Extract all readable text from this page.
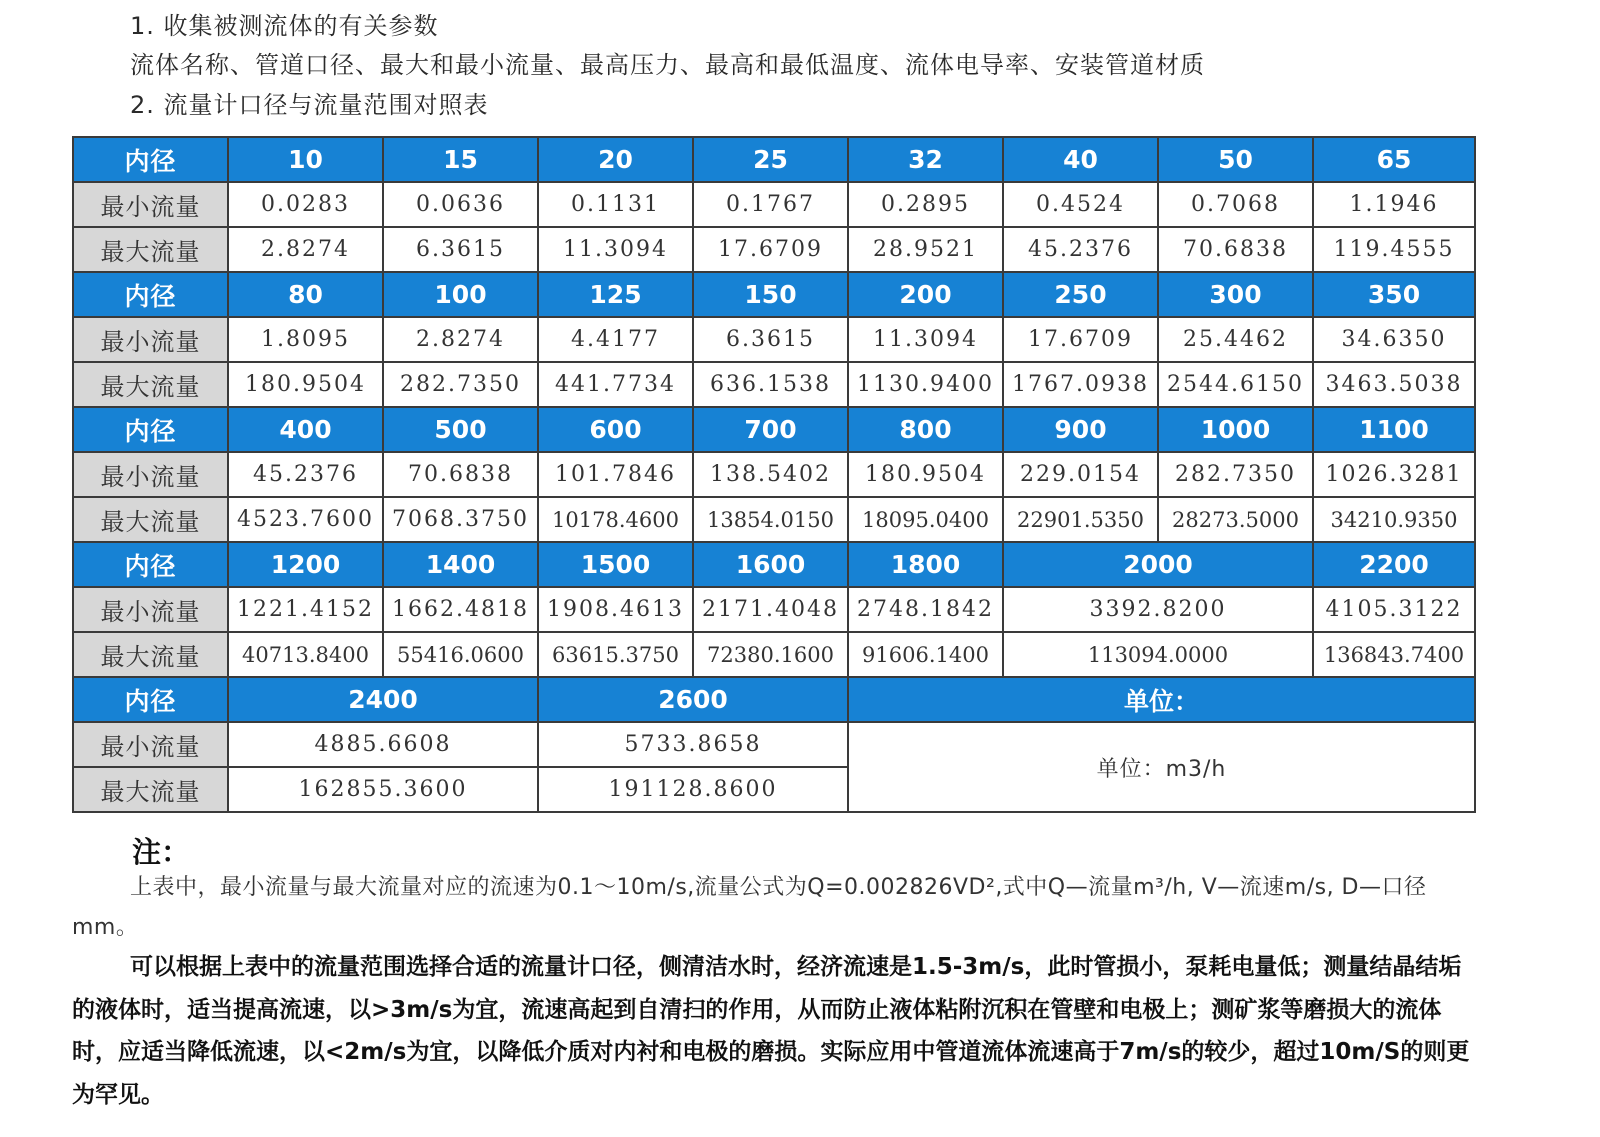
1. 收集被测流体的有关参数
流体名称、管道口径、最大和最小流量、最高压力、最高和最低温度、流体电导率、安装管道材质
2. 流量计口径与流量范围对照表
内径	10	15	20	25	32	40	50	65
最小流量	0.0283	0.0636	0.1131	0.1767	0.2895	0.4524	0.7068	1.1946
最大流量	2.8274	6.3615	11.3094	17.6709	28.9521	45.2376	70.6838	119.4555
内径	80	100	125	150	200	250	300	350
最小流量	1.8095	2.8274	4.4177	6.3615	11.3094	17.6709	25.4462	34.6350
最大流量	180.9504	282.7350	441.7734	636.1538	1130.9400	1767.0938	2544.6150	3463.5038
内径	400	500	600	700	800	900	1000	1100
最小流量	45.2376	70.6838	101.7846	138.5402	180.9504	229.0154	282.7350	1026.3281
最大流量	4523.7600	7068.3750	10178.4600	13854.0150	18095.0400	22901.5350	28273.5000	34210.9350
内径	1200	1400	1500	1600	1800	2000		2200
最小流量	1221.4152	1662.4818	1908.4613	2171.4048	2748.1842	3392.8200		4105.3122
最大流量	40713.8400	55416.0600	63615.3750	72380.1600	91606.1400	113094.0000		136843.7400
内径	2400		2600		单位：			
最小流量	4885.6608		5733.8658		单位：m3/h			
最大流量	162855.3600		191128.8600					
注：
上表中，最小流量与最大流量对应的流速为0.1～10m/s,流量公式为Q=0.002826VD²,式中Q—流量m³/h, V—流速m/s, D—口径mm。
可以根据上表中的流量范围选择合适的流量计口径，侧清洁水时，经济流速是1.5-3m/s，此时管损小，泵耗电量低；测量结晶结垢的液体时，适当提高流速，以>3m/s为宜，流速高起到自清扫的作用，从而防止液体粘附沉积在管壁和电极上；测矿浆等磨损大的流体时，应适当降低流速，以<2m/s为宜，以降低介质对内衬和电极的磨损。实际应用中管道流体流速高于7m/s的较少，超过10m/S的则更为罕见。
